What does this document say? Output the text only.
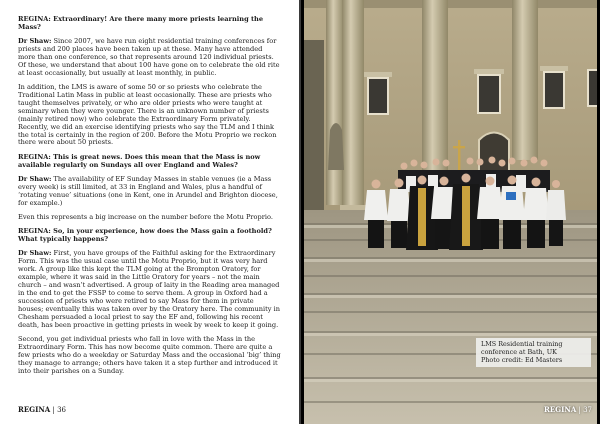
REGINA: Extraordinary! Are there many more priests learning the Mass?

Dr Shaw: Since 2007, we have run eight residential training conferences for priests and 200 places have been taken up at these. Many have attended more than one conference, so that represents around 120 individual priests. Of these, we understand that about 100 have gone on to celebrate the old rite at least occasionally, but usually at least monthly, in public.

In addition, the LMS is aware of some 50 or so priests who celebrate the Traditional Latin Mass in public at least occasionally. These are priests who taught themselves privately, or who are older priests who were taught at seminary when they were younger. There is an unknown number of priests (mainly retired now) who celebrate the Extraordinary Form privately. Recently, we did an exercise identifying priests who say the TLM and I think the total is certainly in the region of 200. Before the Motu Proprio we reckon there were about 50 priests.

REGINA: This is great news. Does this mean that the Mass is now available regularly on Sundays all over England and Wales?

Dr Shaw: The availability of EF Sunday Masses in stable venues (ie a Mass every week) is still limited, at 33 in England and Wales, plus a handful of ‘rotating venue’ situations (one in Kent, one in Arundel and Brighton diocese, for example.)

Even this represents a big increase on the number before the Motu Proprio.

REGINA: So, in your experience, how does the Mass gain a foothold? What typically happens?

Dr Shaw: First, you have groups of the Faithful asking for the Extraordinary Form. This was the usual case until the Motu Proprio, but it was very hard work. A group like this kept the TLM going at the Brompton Oratory, for example, where it was said in the Little Oratory for years – not the main church – and wasn’t advertised. A group of laity in the Reading area managed in the end to get the FSSP to come to serve them. A group in Oxford had a succession of priests who were retired to say Mass for them in private houses; eventually this was taken over by the Oratory here. The community in Chesham persuaded a local priest to say the EF and, following his recent death, has been proactive in getting priests in week by week to keep it going.

Second, you get individual priests who fall in love with the Mass in the Extraordinary Form. This has now become quite common. There are quite a few priests who do a weekday or Saturday Mass and the occasional ‘big’ thing they manage to arrange; others have taken it a step further and introduced it into their parishes on a Sunday.

REGINA | 36
LMS Residential training
conference at Bath, UK
Photo credit: Ed Masters
REGINA | 37
